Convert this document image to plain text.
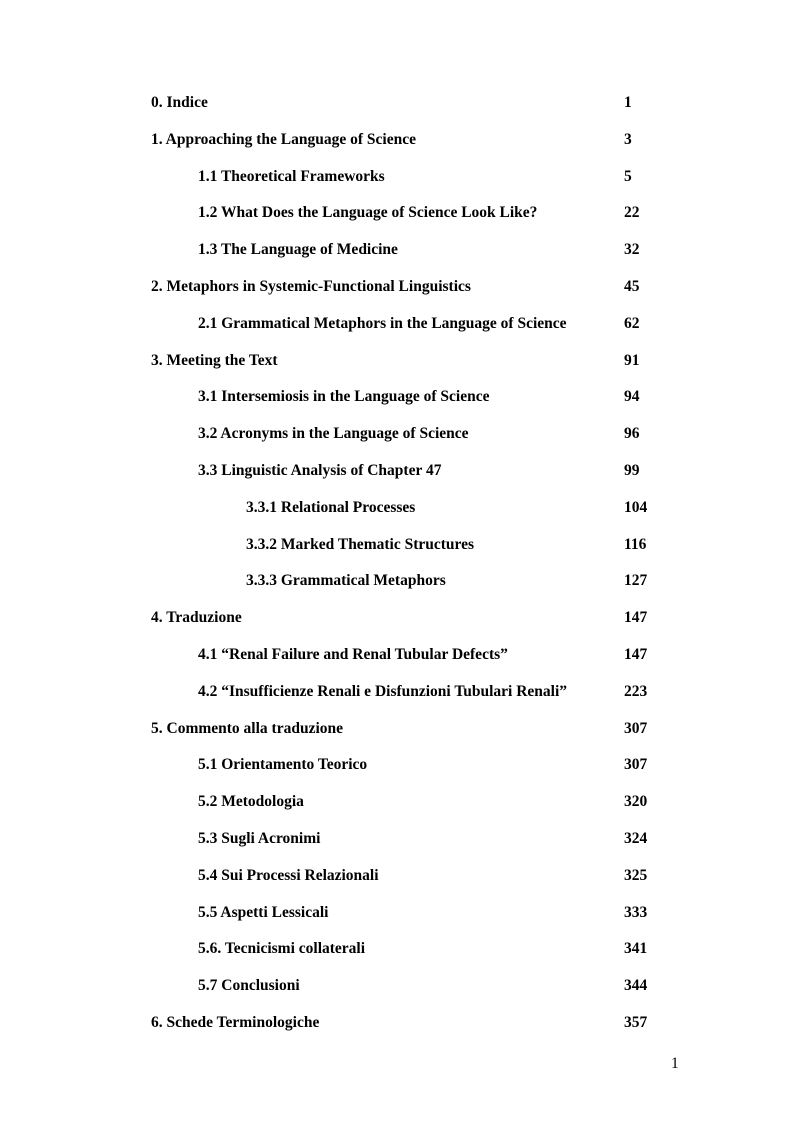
0. Indice	1
1. Approaching the Language of Science	3
1.1 Theoretical Frameworks	5
1.2 What Does the Language of Science Look Like?	22
1.3 The Language of Medicine	32
2. Metaphors in Systemic-Functional Linguistics	45
2.1 Grammatical Metaphors in the Language of Science	62
3. Meeting the Text	91
3.1 Intersemiosis in the Language of Science	94
3.2 Acronyms in the Language of Science	96
3.3 Linguistic Analysis of Chapter 47	99
3.3.1 Relational Processes	104
3.3.2 Marked Thematic Structures	116
3.3.3 Grammatical Metaphors	127
4. Traduzione	147
4.1 “Renal Failure and Renal Tubular Defects”	147
4.2 “Insufficienze Renali e Disfunzioni Tubulari Renali”	223
5. Commento alla traduzione	307
5.1 Orientamento Teorico	307
5.2 Metodologia	320
5.3 Sugli Acronimi	324
5.4 Sui Processi Relazionali	325
5.5 Aspetti Lessicali	333
5.6. Tecnicismi collaterali	341
5.7 Conclusioni	344
6. Schede Terminologiche	357
1
